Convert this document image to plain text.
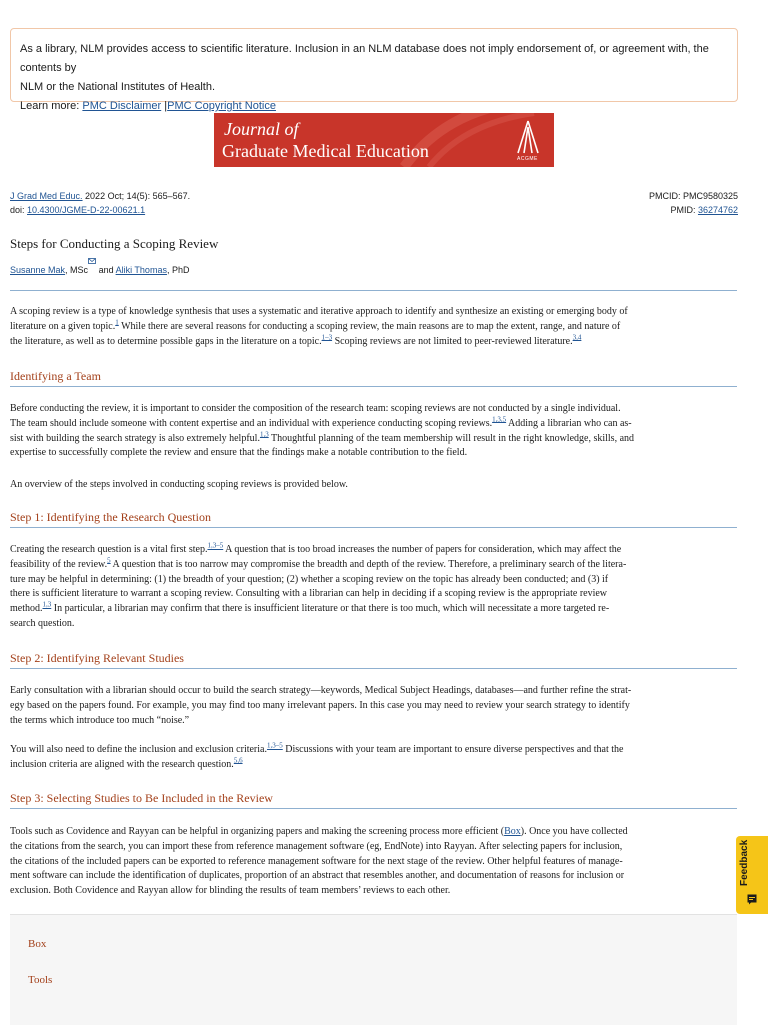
As a library, NLM provides access to scientific literature. Inclusion in an NLM database does not imply endorsement of, or agreement with, the contents by
NLM or the National Institutes of Health.
Learn more: PMC Disclaimer |PMC Copyright Notice
Journal of
Graduate Medical Education	ACGME
J Grad Med Educ. 2022 Oct; 14(5): 565–567.
doi: 10.4300/JGME-D-22-00621.1
PMCID: PMC9580325
PMID: 36274762
Steps for Conducting a Scoping Review
Susanne Mak, MSc and Aliki Thomas, PhD

A scoping review is a type of knowledge synthesis that uses a systematic and iterative approach to identify and synthesize an existing or emerging body of
literature on a given topic.$^1$ While there are several reasons for conducting a scoping review, the main reasons are to map the extent, range, and nature of
the literature, as well as to determine possible gaps in the literature on a topic.$^{1-3}$ Scoping reviews are not limited to peer-reviewed literature.$^{3,4}$

Identifying a Team

Before conducting the review, it is important to consider the composition of the research team: scoping reviews are not conducted by a single individual.
The team should include someone with content expertise and an individual with experience conducting scoping reviews.$^{1,3,5}$ Adding a librarian who can as-
sist with building the search strategy is also extremely helpful.$^{1,3}$ Thoughtful planning of the team membership will result in the right knowledge, skills, and
expertise to successfully complete the review and ensure that the findings make a notable contribution to the field.

An overview of the steps involved in conducting scoping reviews is provided below.

Step 1: Identifying the Research Question

Creating the research question is a vital first step.$^{1,3-5}$ A question that is too broad increases the number of papers for consideration, which may affect the
feasibility of the review.$^5$ A question that is too narrow may compromise the breadth and depth of the review. Therefore, a preliminary search of the litera-
ture may be helpful in determining: (1) the breadth of your question; (2) whether a scoping review on the topic has already been conducted; and (3) if
there is sufficient literature to warrant a scoping review. Consulting with a librarian can help in deciding if a scoping review is the appropriate review
method.$^{1,3}$ In particular, a librarian may confirm that there is insufficient literature or that there is too much, which will necessitate a more targeted re-
search question.

Step 2: Identifying Relevant Studies

Early consultation with a librarian should occur to build the search strategy—keywords, Medical Subject Headings, databases—and further refine the strat-
egy based on the papers found. For example, you may find too many irrelevant papers. In this case you may need to review your search strategy to identify
the terms which introduce too much “noise.”

You will also need to define the inclusion and exclusion criteria.$^{1,3-5}$ Discussions with your team are important to ensure diverse perspectives and that the
inclusion criteria are aligned with the research question.$^{5,6}$

Step 3: Selecting Studies to Be Included in the Review

Tools such as Covidence and Rayyan can be helpful in organizing papers and making the screening process more efficient (Box). Once you have collected
the citations from the search, you can import these from reference management software (eg, EndNote) into Rayyan. After selecting papers for inclusion,
the citations of the included papers can be exported to reference management software for the next stage of the review. Other helpful features of manage-
ment software can include the identification of duplicates, proportion of an abstract that resembles another, and documentation of reasons for inclusion or
exclusion. Both Covidence and Rayyan allow for blinding the results of team members’ reviews to each other.

Box
Tools
Feedback
